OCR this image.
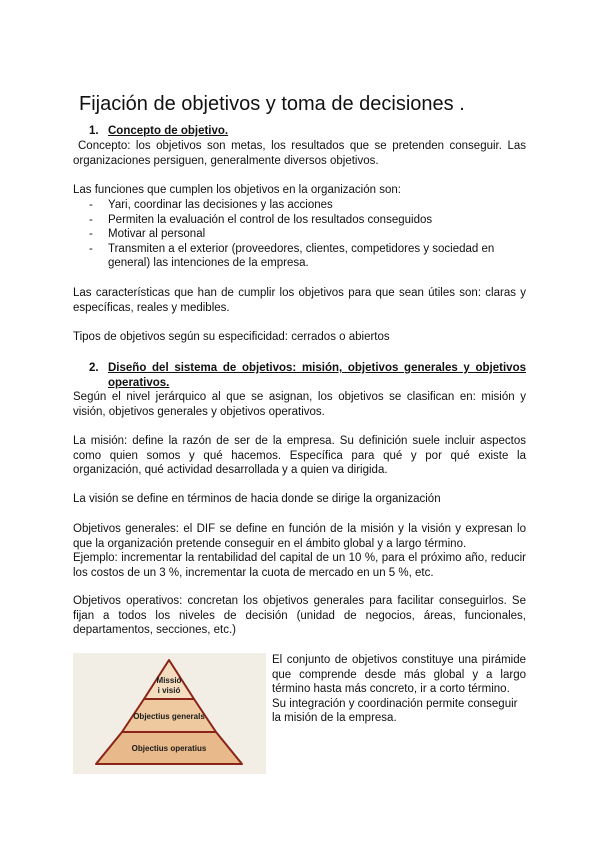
Fijación de objetivos y toma de decisiones .
1. Concepto de objetivo.

Concepto: los objetivos son metas, los resultados que se pretenden conseguir. Las organizaciones persiguen, generalmente diversos objetivos.

Las funciones que cumplen los objetivos en la organización son:

-	Yari, coordinar las decisiones y las acciones
-	Permiten la evaluación el control de los resultados conseguidos
-	Motivar al personal
-	Transmiten a el exterior (proveedores, clientes, competidores y sociedad en general) las intenciones de la empresa.

Las características que han de cumplir los objetivos para que sean útiles son: claras y específicas, reales y medibles.

Tipos de objetivos según su especificidad: cerrados o abiertos

2. Diseño del sistema de objetivos: misión, objetivos generales y objetivos operativos.

Según el nivel jerárquico al que se asignan, los objetivos se clasifican en: misión y visión, objetivos generales y objetivos operativos.

La misión: define la razón de ser de la empresa. Su definición suele incluir aspectos como quien somos y qué hacemos. Específica para qué y por qué existe la organización, qué actividad desarrollada y a quien va dirigida.

La visión se define en términos de hacia donde se dirige la organización

Objetivos generales: el DIF se define en función de la misión y la visión y expresan lo que la organización pretende conseguir en el ámbito global y a largo término.

Ejemplo: incrementar la rentabilidad del capital de un 10 %, para el próximo año, reducir los costos de un 3 %, incrementar la cuota de mercado en un 5 %, etc.

Objetivos operativos: concretan los objetivos generales para facilitar conseguirlos. Se fijan a todos los niveles de decisión (unidad de negocios, áreas, funcionales, departamentos, secciones, etc.)

Missió
i visió
Objectius generals
Objectius operatius

El conjunto de objetivos constituye una pirámide que comprende desde más global y a largo término hasta más concreto, ir a corto término.

Su integración y coordinación permite conseguir la misión de la empresa.
